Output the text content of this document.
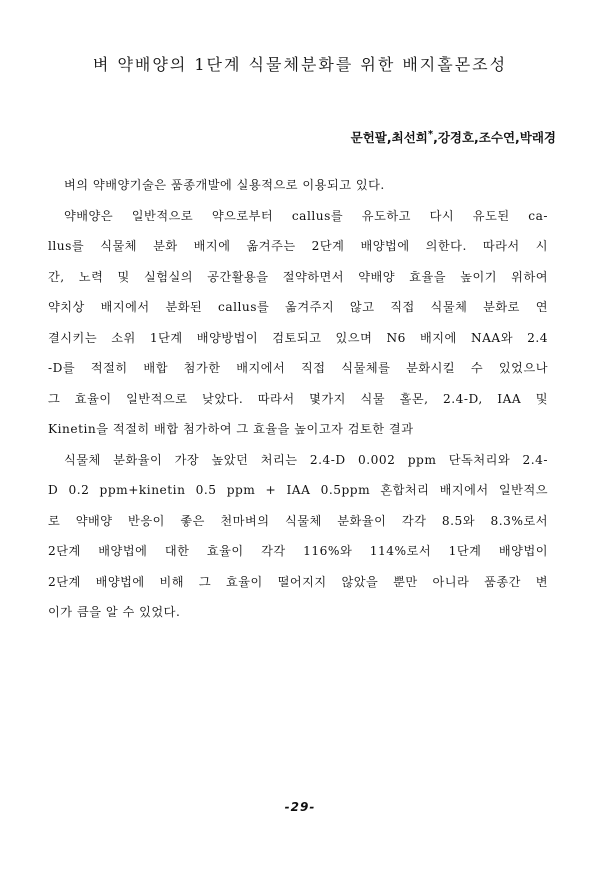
벼 약배양의 1단계 식물체분화를 위한 배지홀몬조성
문헌팔,최선희*,강경호,조수연,박래경
벼의 약배양기술은 품종개발에 실용적으로 이용되고 있다.
약배양은 일반적으로 약으로부터 callus를 유도하고 다시 유도된 ca-
llus를 식물체 분화 배지에 옮겨주는 2단계 배양법에 의한다. 따라서 시
간, 노력 및 실험실의 공간활용을 절약하면서 약배양 효율을 높이기 위하여
약치상 배지에서 분화된 callus를 옮겨주지 않고 직접 식물체 분화로 연
결시키는 소위 1단계 배양방법이 검토되고 있으며 N6 배지에 NAA와 2.4
-D를 적절히 배합 첨가한 배지에서 직접 식물체를 분화시킬 수 있었으나
그 효율이 일반적으로 낮았다. 따라서 몇가지 식물 홀몬, 2.4-D, IAA 및
Kinetin을 적절히 배합 첨가하여 그 효율을 높이고자 검토한 결과
식물체 분화율이 가장 높았던 처리는 2.4-D 0.002 ppm 단독처리와 2.4-
D 0.2 ppm+kinetin 0.5 ppm + IAA 0.5ppm 혼합처리 배지에서 일반적으
로 약배양 반응이 좋은 천마벼의 식물체 분화율이 각각 8.5와 8.3%로서
2단계 배양법에 대한 효율이 각각 116%와 114%로서 1단계 배양법이
2단계 배양법에 비해 그 효율이 떨어지지 않았을 뿐만 아니라 품종간 변
이가 큼을 알 수 있었다.
-29-
